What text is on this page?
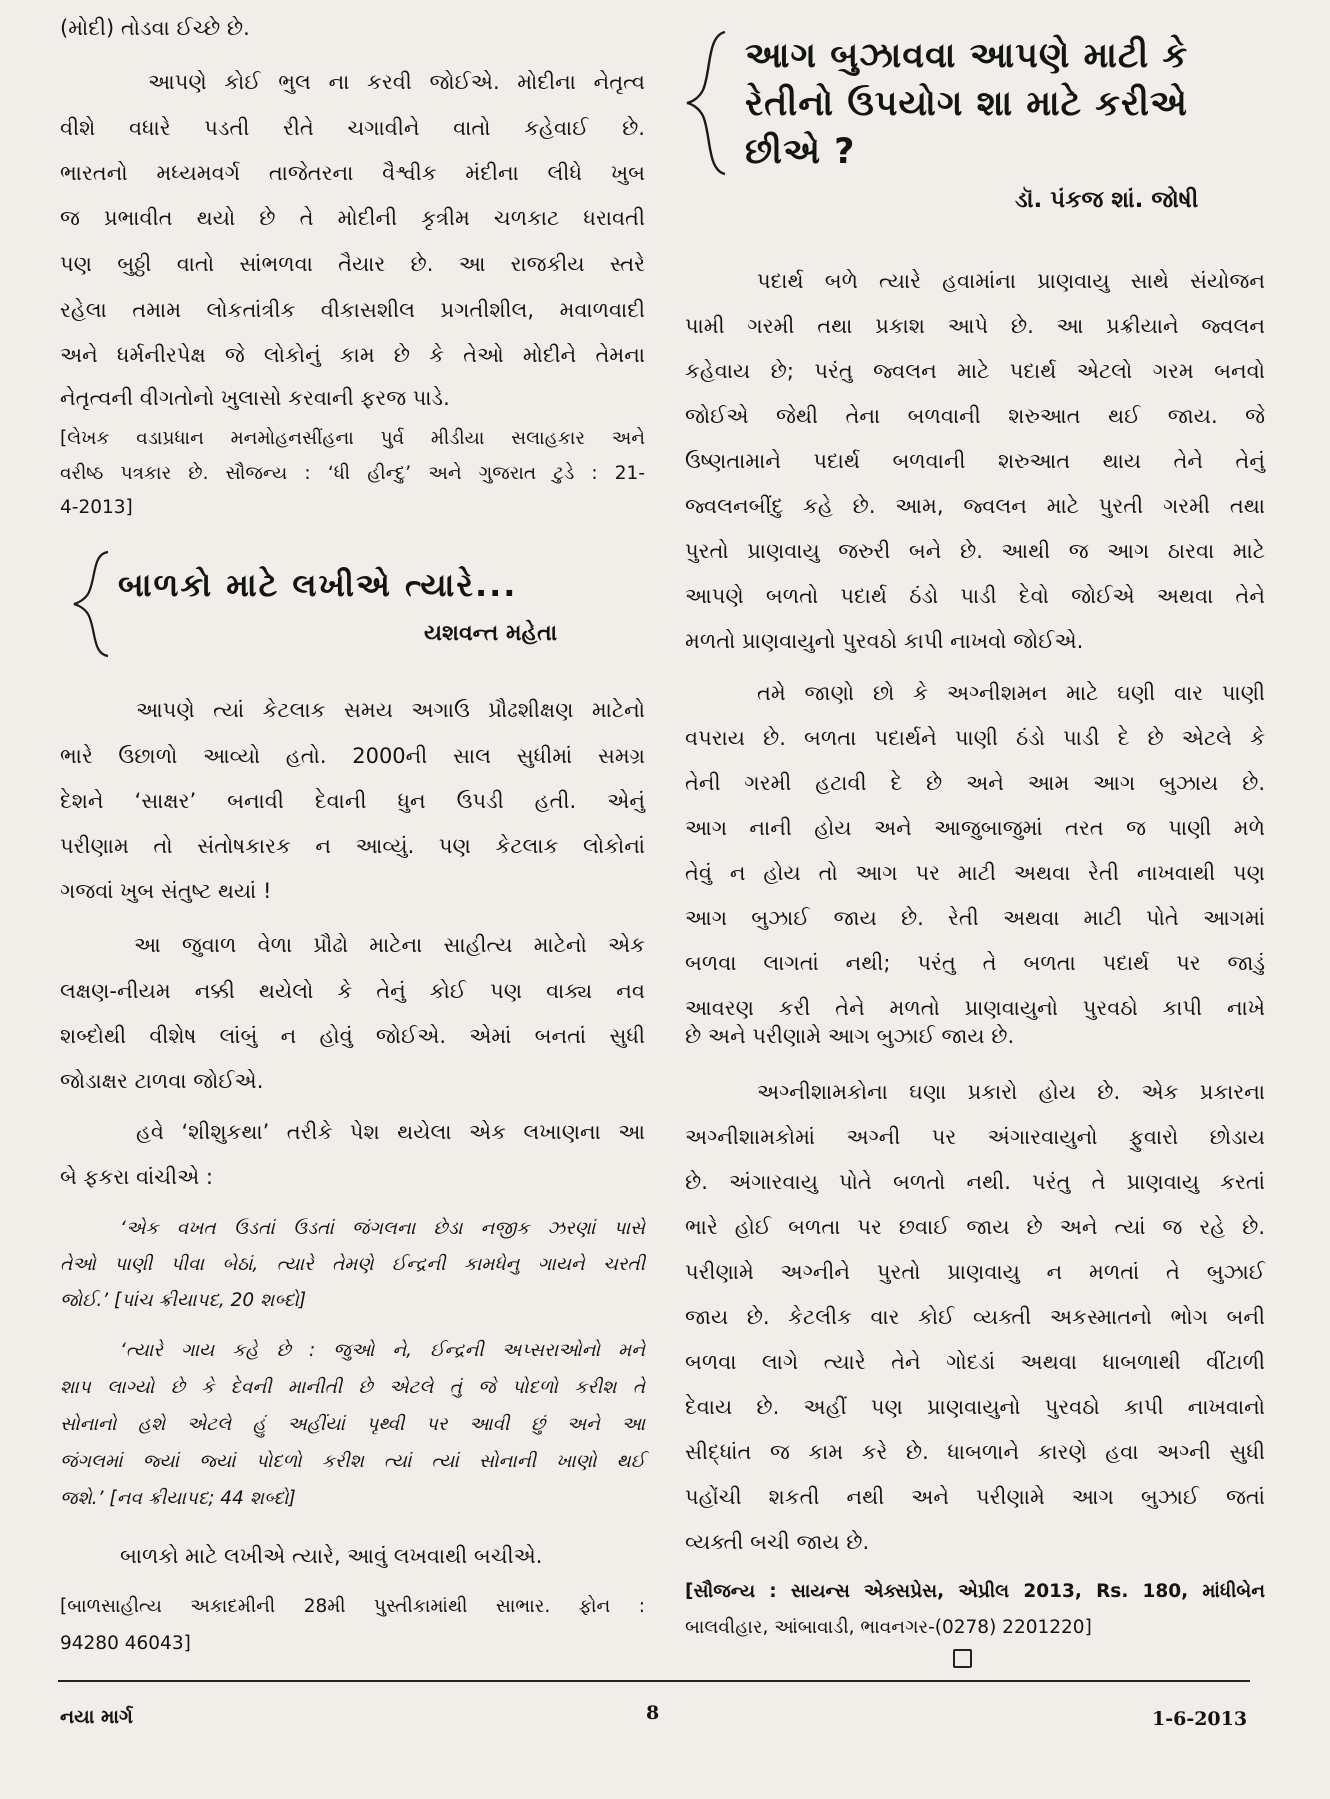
(મોદી) તોડવા ઈચ્છે છે.
આપણે કોઈ ભુલ ના કરવી જોઈએ. મોદીના નેતૃત્વ
વીશે વધારે પડતી રીતે ચગાવીને વાતો કહેવાઈ છે.
ભારતનો મધ્યમવર્ગ તાજેતરના વૈશ્વીક મંદીના લીધે ખુબ
જ પ્રભાવીત થયો છે તે મોદીની કૃત્રીમ ચળકાટ ધરાવતી
પણ બુઠ્ઠી વાતો સાંભળવા તૈયાર છે. આ રાજકીય સ્તરે
રહેલા તમામ લોકતાંત્રીક વીકાસશીલ પ્રગતીશીલ, મવાળવાદી
અને ધર્મનીરપેક્ષ જે લોકોનું કામ છે કે તેઓ મોદીને તેમના
નેતૃત્વની વીગતોનો ખુલાસો કરવાની ફરજ પાડે.
[લેખક વડાપ્રધાન મનમોહનસીંહના પુર્વ મીડીયા સલાહકાર અને
વરીષ્ઠ પત્રકાર છે. સૌજન્ય : ‘ધી હીન્દુ’ અને ગુજરાત ટુડે : 21-
4-2013]
બાળકો માટે લખીએ ત્યારે...
યશવન્ત મહેતા
આપણે ત્યાં કેટલાક સમય અગાઉ પ્રૌઢશીક્ષણ માટેનો
ભારે ઉછાળો આવ્યો હતો. 2000ની સાલ સુધીમાં સમગ્ર
દેશને ‘સાક્ષર’ બનાવી દેવાની ધુન ઉપડી હતી. એનું
પરીણામ તો સંતોષકારક ન આવ્યું. પણ કેટલાક લોકોનાં
ગજવાં ખુબ સંતુષ્ટ થયાં !
આ જુવાળ વેળા પ્રૌઢો માટેના સાહીત્ય માટેનો એક
લક્ષણ-નીયમ નક્કી થયેલો કે તેનું કોઈ પણ વાક્ય નવ
શબ્દોથી વીશેષ લાંબું ન હોવું જોઈએ. એમાં બનતાં સુધી
જોડાક્ષર ટાળવા જોઈએ.
હવે ‘શીશુકથા’ તરીકે પેશ થયેલા એક લખાણના આ
બે ફકરા વાંચીએ :
‘એક વખત ઉડતાં ઉડતાં જંગલના છેડા નજીક ઝરણાં પાસે
તેઓ પાણી પીવા બેઠાં, ત્યારે તેમણે ઈન્દ્રની કામધેનુ ગાયને ચરતી
જોઈ.’ [પાંચ ક્રીયાપદ, 20 શબ્દો]
‘ત્યારે ગાય કહે છે : જુઓ ને, ઈન્દ્રની અપ્સરાઓનો મને
શાપ લાગ્યો છે કે દેવની માનીતી છે એટલે તું જે પોદળો કરીશ તે
સોનાનો હશે એટલે હું અહીંયાં પૃથ્વી પર આવી છું અને આ
જંગલમાં જ્યાં જ્યાં પોદળો કરીશ ત્યાં ત્યાં સોનાની ખાણો થઈ
જશે.’ [નવ ક્રીયાપદ; 44 શબ્દો]
બાળકો માટે લખીએ ત્યારે, આવું લખવાથી બચીએ.
[બાળસાહીત્ય અકાદમીની 28મી પુસ્તીકામાંથી સાભાર. ફોન :
94280 46043]
આગ બુઝાવવા આપણે માટી કે
રેતીનો ઉપયોગ શા માટે કરીએ
છીએ ?
ડૉ. પંકજ શાં. જોષી
પદાર્થ બળે ત્યારે હવામાંના પ્રાણવાયુ સાથે સંયોજન
પામી ગરમી તથા પ્રકાશ આપે છે. આ પ્રક્રીયાને જ્વલન
કહેવાય છે; પરંતુ જ્વલન માટે પદાર્થ એટલો ગરમ બનવો
જોઈએ જેથી તેના બળવાની શરુઆત થઈ જાય. જે
ઉષ્ણતામાને પદાર્થ બળવાની શરુઆત થાય તેને તેનું
જ્વલનબીંદુ કહે છે. આમ, જ્વલન માટે પુરતી ગરમી તથા
પુરતો પ્રાણવાયુ જરુરી બને છે. આથી જ આગ ઠારવા માટે
આપણે બળતો પદાર્થ ઠંડો પાડી દેવો જોઈએ અથવા તેને
મળતો પ્રાણવાયુનો પુરવઠો કાપી નાખવો જોઈએ.
તમે જાણો છો કે અગ્નીશમન માટે ઘણી વાર પાણી
વપરાય છે. બળતા પદાર્થને પાણી ઠંડો પાડી દે છે એટલે કે
તેની ગરમી હટાવી દે છે અને આમ આગ બુઝાય છે.
આગ નાની હોય અને આજુબાજુમાં તરત જ પાણી મળે
તેવું ન હોય તો આગ પર માટી અથવા રેતી નાખવાથી પણ
આગ બુઝાઈ જાય છે. રેતી અથવા માટી પોતે આગમાં
બળવા લાગતાં નથી; પરંતુ તે બળતા પદાર્થ પર જાડું
આવરણ કરી તેને મળતો પ્રાણવાયુનો પુરવઠો કાપી નાખે
છે અને પરીણામે આગ બુઝાઈ જાય છે.
અગ્નીશામકોના ઘણા પ્રકારો હોય છે. એક પ્રકારના
અગ્નીશામકોમાં અગ્ની પર અંગારવાયુનો ફુવારો છોડાય
છે. અંગારવાયુ પોતે બળતો નથી. પરંતુ તે પ્રાણવાયુ કરતાં
ભારે હોઈ બળતા પર છવાઈ જાય છે અને ત્યાં જ રહે છે.
પરીણામે અગ્નીને પુરતો પ્રાણવાયુ ન મળતાં તે બુઝાઈ
જાય છે. કેટલીક વાર કોઈ વ્યક્તી અકસ્માતનો ભોગ બની
બળવા લાગે ત્યારે તેને ગોદડાં અથવા ધાબળાથી વીંટાળી
દેવાય છે. અહીં પણ પ્રાણવાયુનો પુરવઠો કાપી નાખવાનો
સીદ્ધાંત જ કામ કરે છે. ધાબળાને કારણે હવા અગ્ની સુધી
પહોંચી શકતી નથી અને પરીણામે આગ બુઝાઈ જતાં
વ્યક્તી બચી જાય છે.
[સૌજન્ય : સાયન્સ એક્સપ્રેસ, એપ્રીલ 2013, Rs. 180, માંધીબેન
બાલવીહાર, આંબાવાડી, ભાવનગર-(0278) 2201220]
નયા માર્ગ	8	1-6-2013
